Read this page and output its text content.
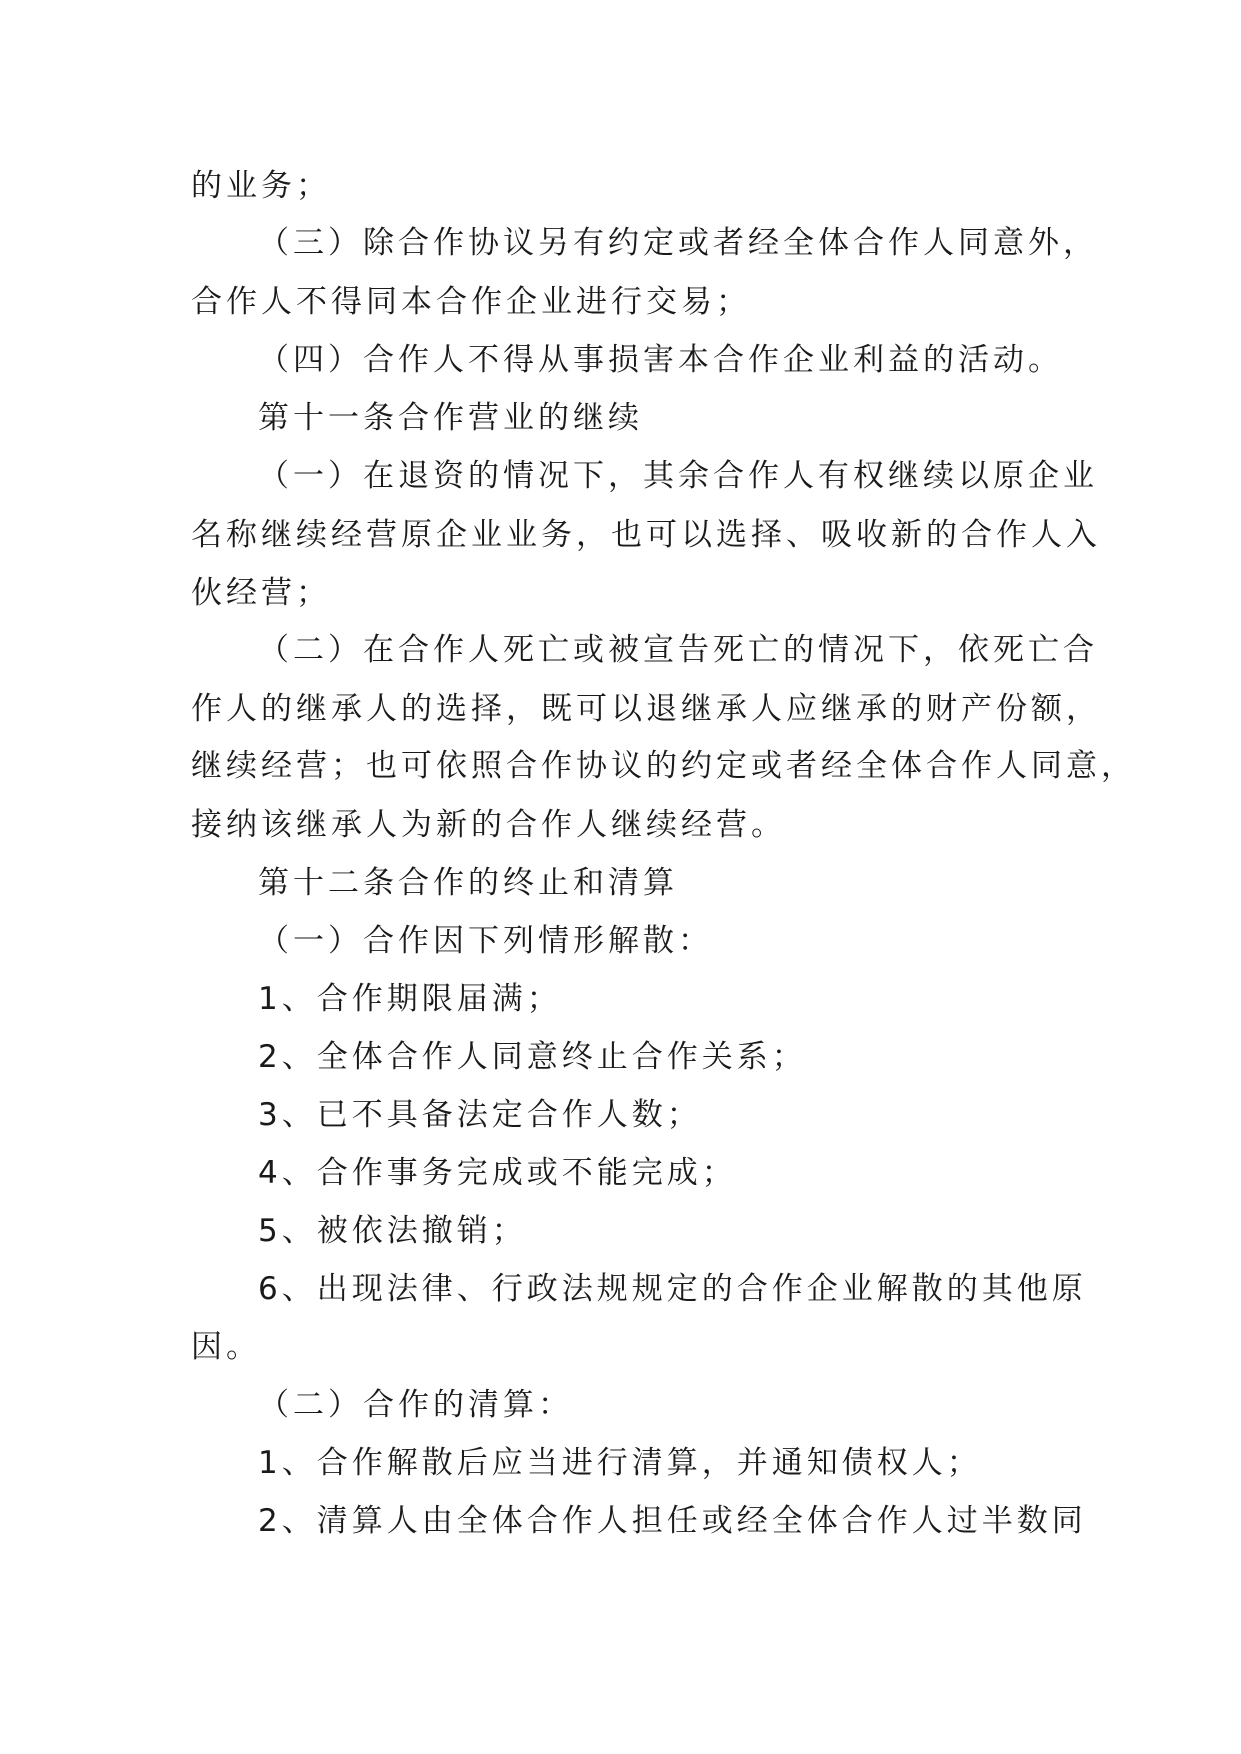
的业务；

（三）除合作协议另有约定或者经全体合作人同意外，

合作人不得同本合作企业进行交易；

（四）合作人不得从事损害本合作企业利益的活动。

第十一条合作营业的继续

（一）在退资的情况下，其余合作人有权继续以原企业

名称继续经营原企业业务，也可以选择、吸收新的合作人入

伙经营；

（二）在合作人死亡或被宣告死亡的情况下，依死亡合

作人的继承人的选择，既可以退继承人应继承的财产份额，

继续经营；也可依照合作协议的约定或者经全体合作人同意，

接纳该继承人为新的合作人继续经营。

第十二条合作的终止和清算

（一）合作因下列情形解散：

1、合作期限届满；

2、全体合作人同意终止合作关系；

3、已不具备法定合作人数；

4、合作事务完成或不能完成；

5、被依法撤销；

6、出现法律、行政法规规定的合作企业解散的其他原

因。

（二）合作的清算：

1、合作解散后应当进行清算，并通知债权人；

2、清算人由全体合作人担任或经全体合作人过半数同
